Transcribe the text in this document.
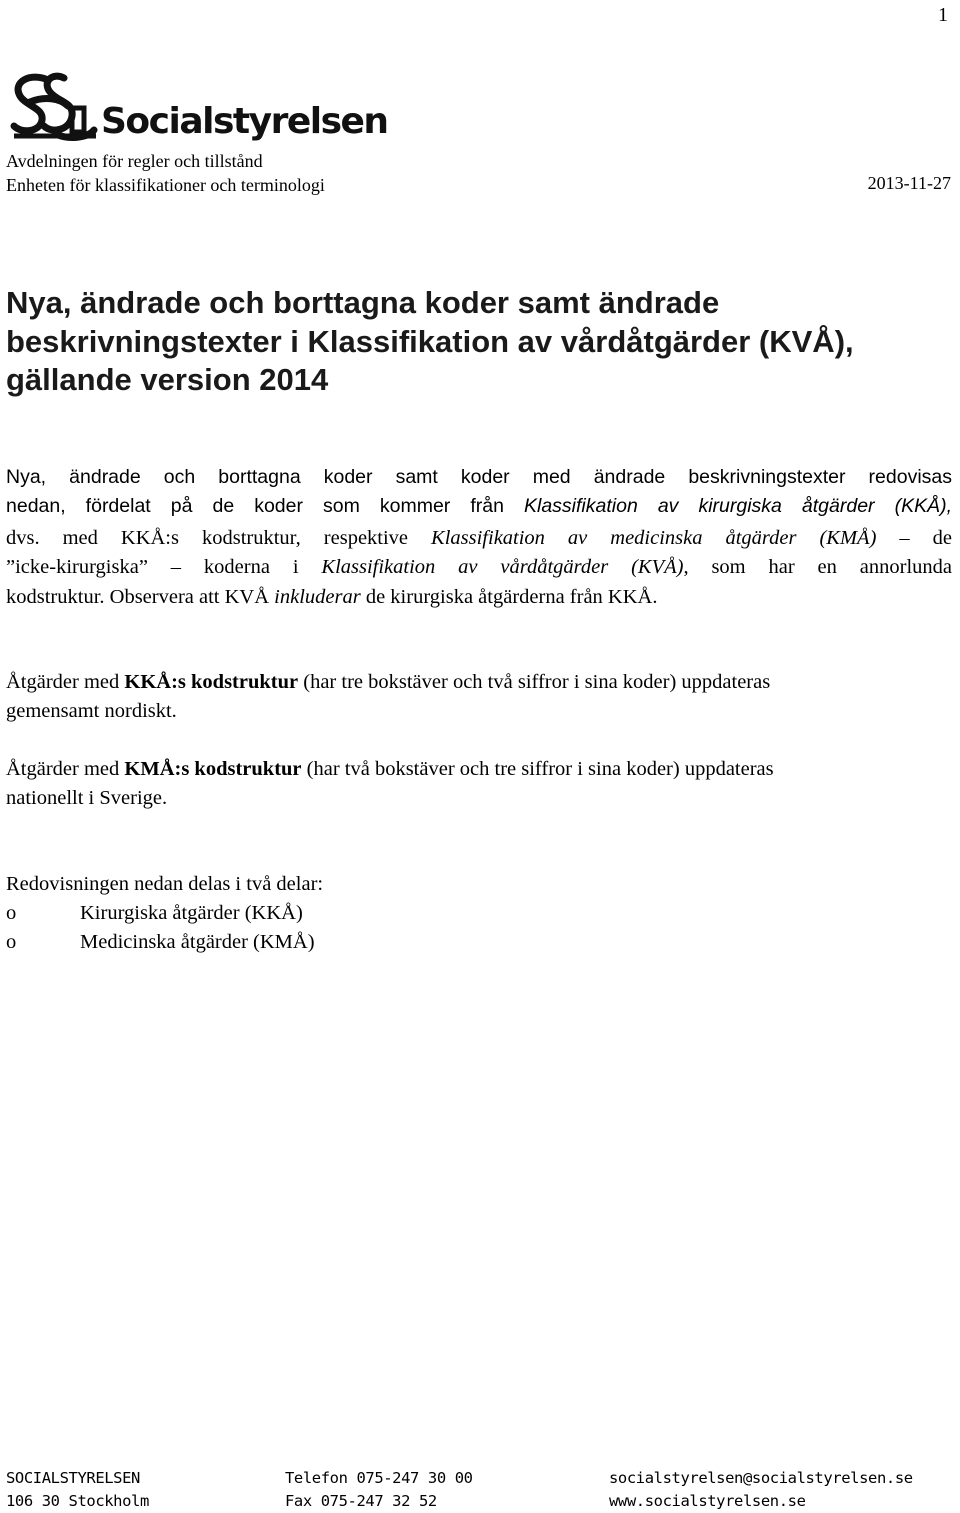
1
Socialstyrelsen
Avdelningen för regler och tillstånd
Enheten för klassifikationer och terminologi	2013-11-27
Nya, ändrade och borttagna koder samt ändrade
beskrivningstexter i Klassifikation av vårdåtgärder (KVÅ),
gällande version 2014
Nya, ändrade och borttagna koder samt koder med ändrade beskrivningstexter redovisas
nedan, fördelat på de koder som kommer från Klassifikation av kirurgiska åtgärder (KKÅ),
dvs. med KKÅ:s kodstruktur, respektive Klassifikation av medicinska åtgärder (KMÅ) – de
”icke-kirurgiska” – koderna i Klassifikation av vårdåtgärder (KVÅ), som har en annorlunda
kodstruktur. Observera att KVÅ inkluderar de kirurgiska åtgärderna från KKÅ.
Åtgärder med KKÅ:s kodstruktur (har tre bokstäver och två siffror i sina koder) uppdateras
gemensamt nordiskt.
Åtgärder med KMÅ:s kodstruktur (har två bokstäver och tre siffror i sina koder) uppdateras
nationellt i Sverige.
Redovisningen nedan delas i två delar:
o	Kirurgiska åtgärder (KKÅ)
o	Medicinska åtgärder (KMÅ)
SOCIALSTYRELSEN
106 30 Stockholm
Telefon 075-247 30 00
Fax 075-247 32 52
socialstyrelsen@socialstyrelsen.se
www.socialstyrelsen.se
